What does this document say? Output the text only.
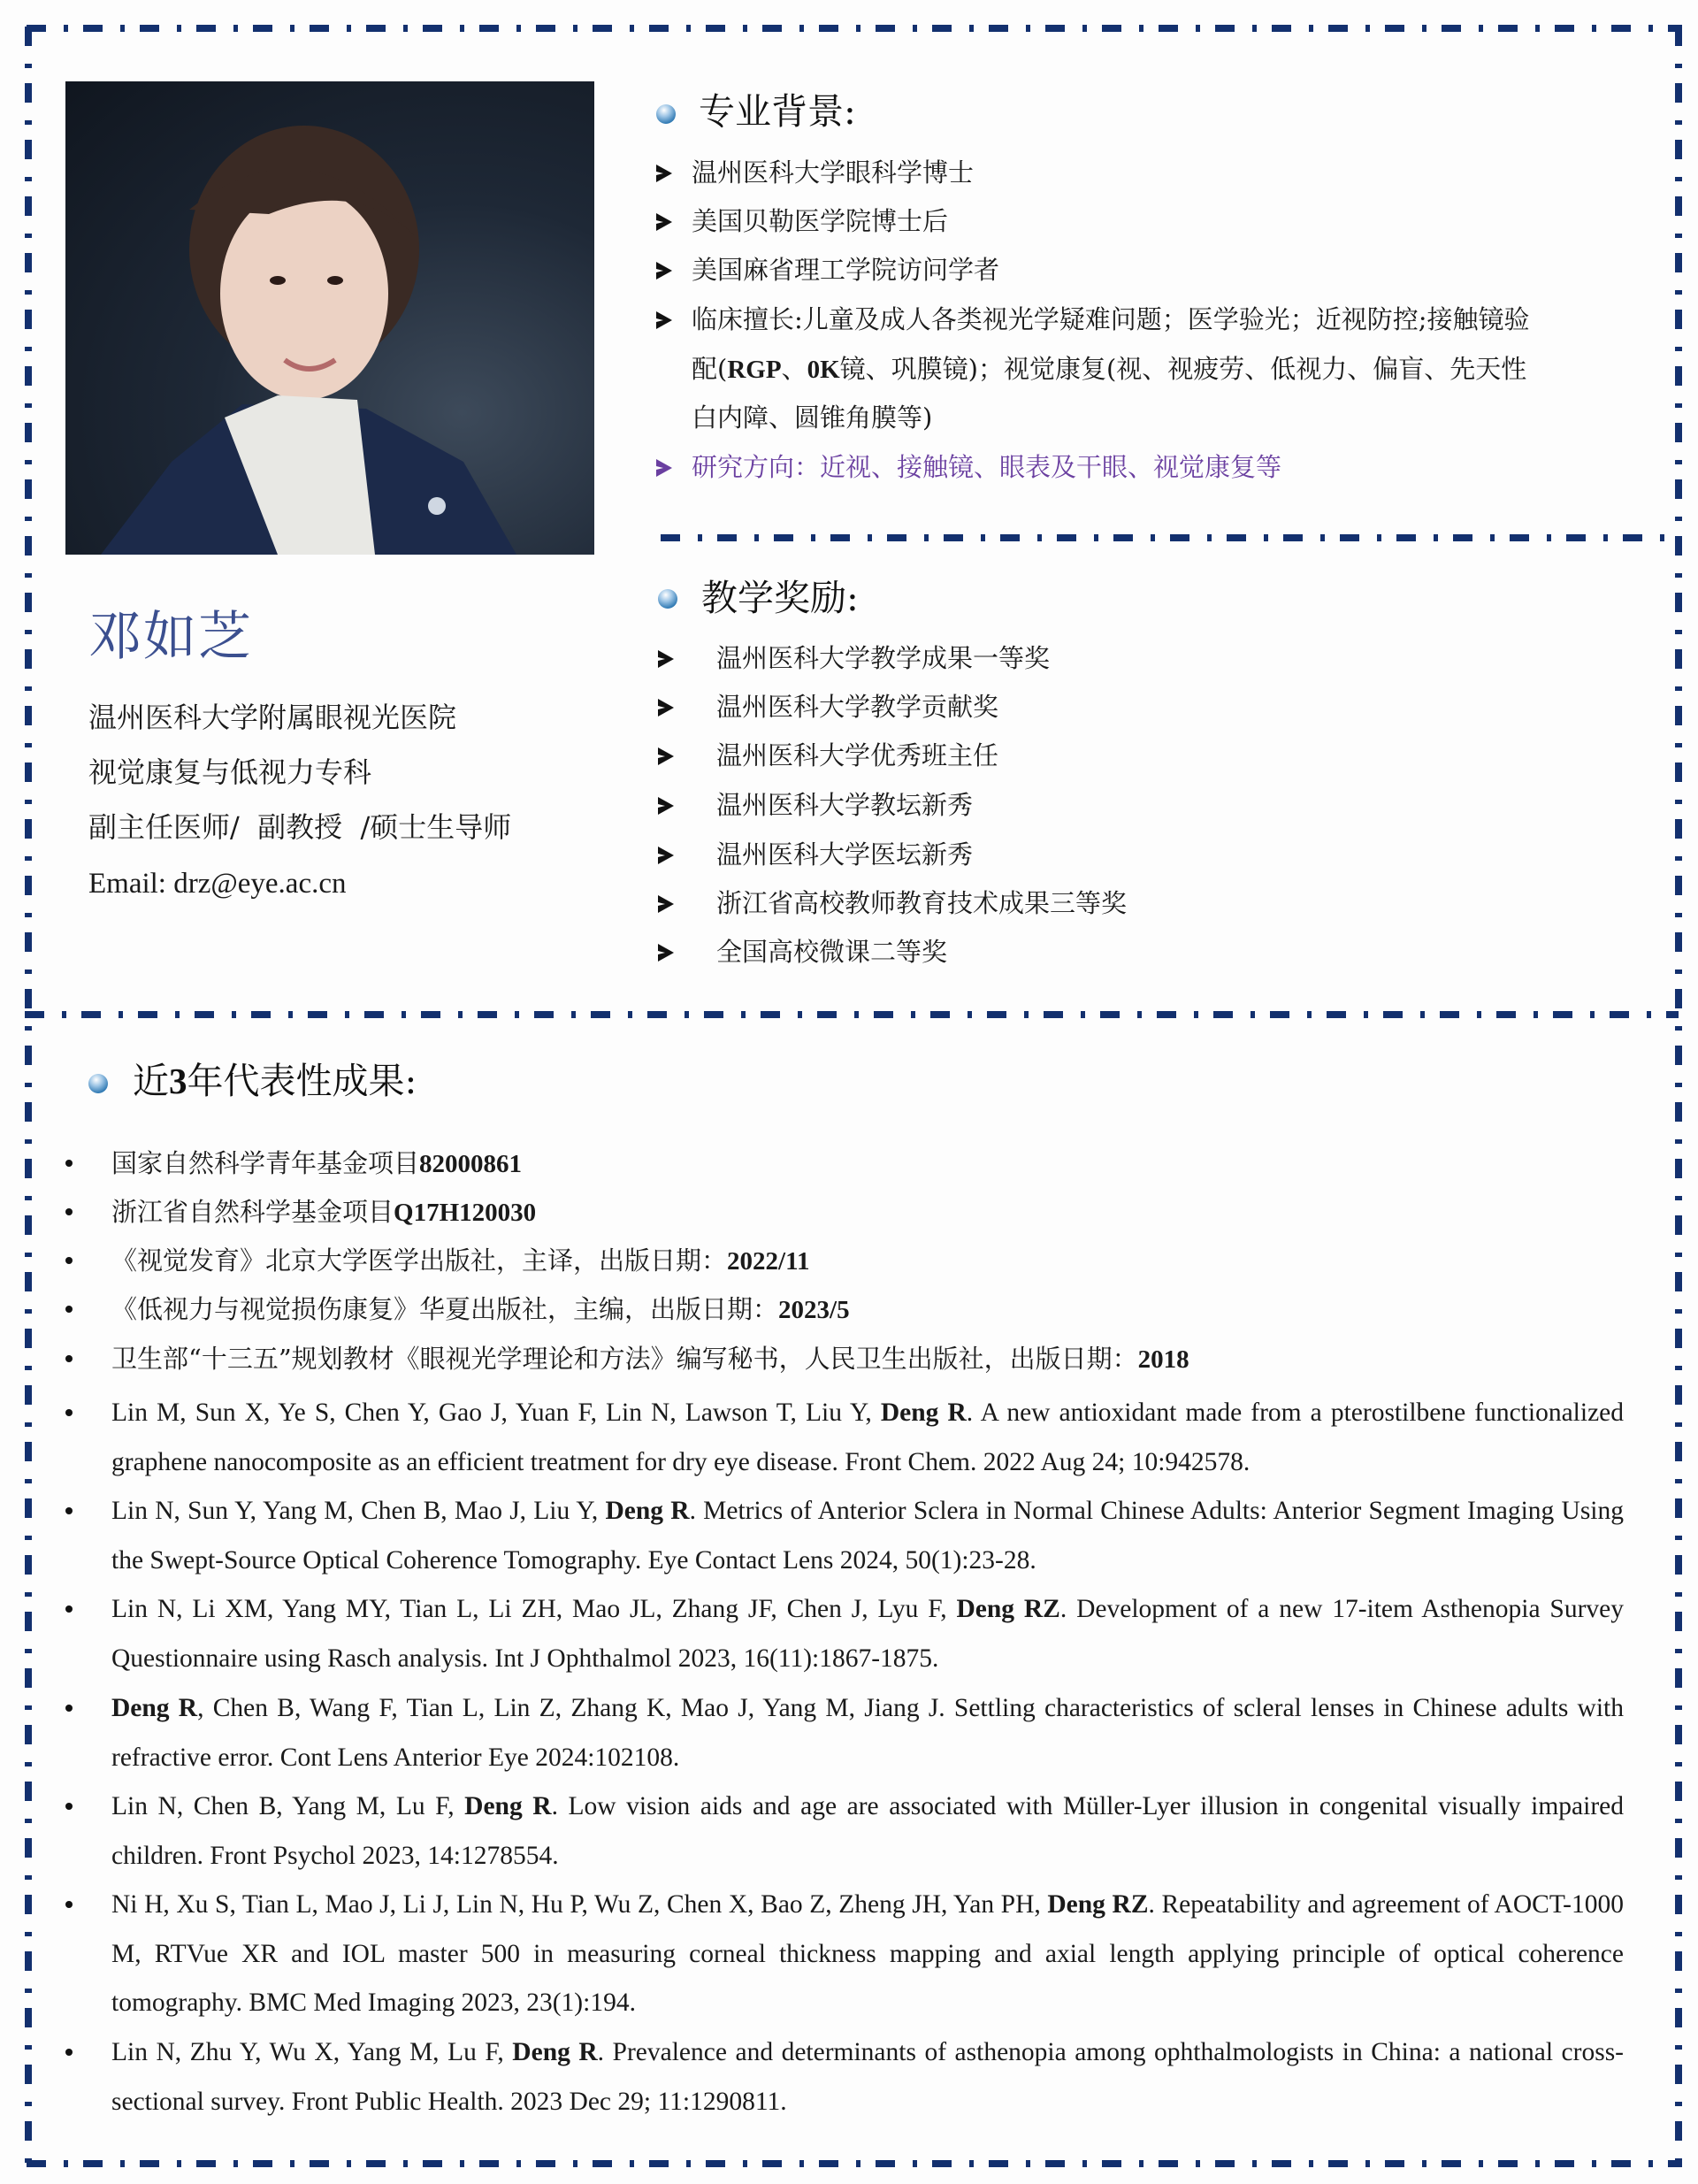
邓如芝
温州医科大学附属眼视光医院
视觉康复与低视力专科
副主任医师/  副教授  /硕士生导师
Email: drz@eye.ac.cn
专业背景:
温州医科大学眼科学博士
美国贝勒医学院博士后
美国麻省理工学院访问学者
临床擅长:儿童及成人各类视光学疑难问题；医学验光；近视防控;接触镜验
配(RGP、0K镜、巩膜镜)；视觉康复(视、视疲劳、低视力、偏盲、先天性
白内障、圆锥角膜等)
研究方向：近视、接触镜、眼表及干眼、视觉康复等
教学奖励:
温州医科大学教学成果一等奖
温州医科大学教学贡献奖
温州医科大学优秀班主任
温州医科大学教坛新秀
温州医科大学医坛新秀
浙江省高校教师教育技术成果三等奖
全国高校微课二等奖
近3年代表性成果:
国家自然科学青年基金项目82000861
浙江省自然科学基金项目Q17H120030
《视觉发育》北京大学医学出版社，主译，出版日期：2022/11
《低视力与视觉损伤康复》华夏出版社，主编，出版日期：2023/5
卫生部“十三五”规划教材《眼视光学理论和方法》编写秘书，人民卫生出版社，出版日期：2018
Lin M, Sun X, Ye S, Chen Y, Gao J, Yuan F, Lin N, Lawson T, Liu Y, Deng R. A new antioxidant made from a pterostilbene functionalized graphene nanocomposite as an efficient treatment for dry eye disease. Front Chem. 2022 Aug 24; 10:942578.
Lin N, Sun Y, Yang M, Chen B, Mao J, Liu Y, Deng R. Metrics of Anterior Sclera in Normal Chinese Adults: Anterior Segment Imaging Using the Swept-Source Optical Coherence Tomography. Eye Contact Lens 2024, 50(1):23-28.
Lin N, Li XM, Yang MY, Tian L, Li ZH, Mao JL, Zhang JF, Chen J, Lyu F, Deng RZ. Development of a new 17-item Asthenopia Survey Questionnaire using Rasch analysis. Int J Ophthalmol 2023, 16(11):1867-1875.
Deng R, Chen B, Wang F, Tian L, Lin Z, Zhang K, Mao J, Yang M, Jiang J. Settling characteristics of scleral lenses in Chinese adults with refractive error. Cont Lens Anterior Eye 2024:102108.
Lin N, Chen B, Yang M, Lu F, Deng R. Low vision aids and age are associated with Müller-Lyer illusion in congenital visually impaired children. Front Psychol 2023, 14:1278554.
Ni H, Xu S, Tian L, Mao J, Li J, Lin N, Hu P, Wu Z, Chen X, Bao Z, Zheng JH, Yan PH, Deng RZ. Repeatability and agreement of AOCT-1000 M, RTVue XR and IOL master 500 in measuring corneal thickness mapping and axial length applying principle of optical coherence tomography. BMC Med Imaging 2023, 23(1):194.
Lin N, Zhu Y, Wu X, Yang M, Lu F, Deng R. Prevalence and determinants of asthenopia among ophthalmologists in China: a national cross-sectional survey. Front Public Health. 2023 Dec 29; 11:1290811.
